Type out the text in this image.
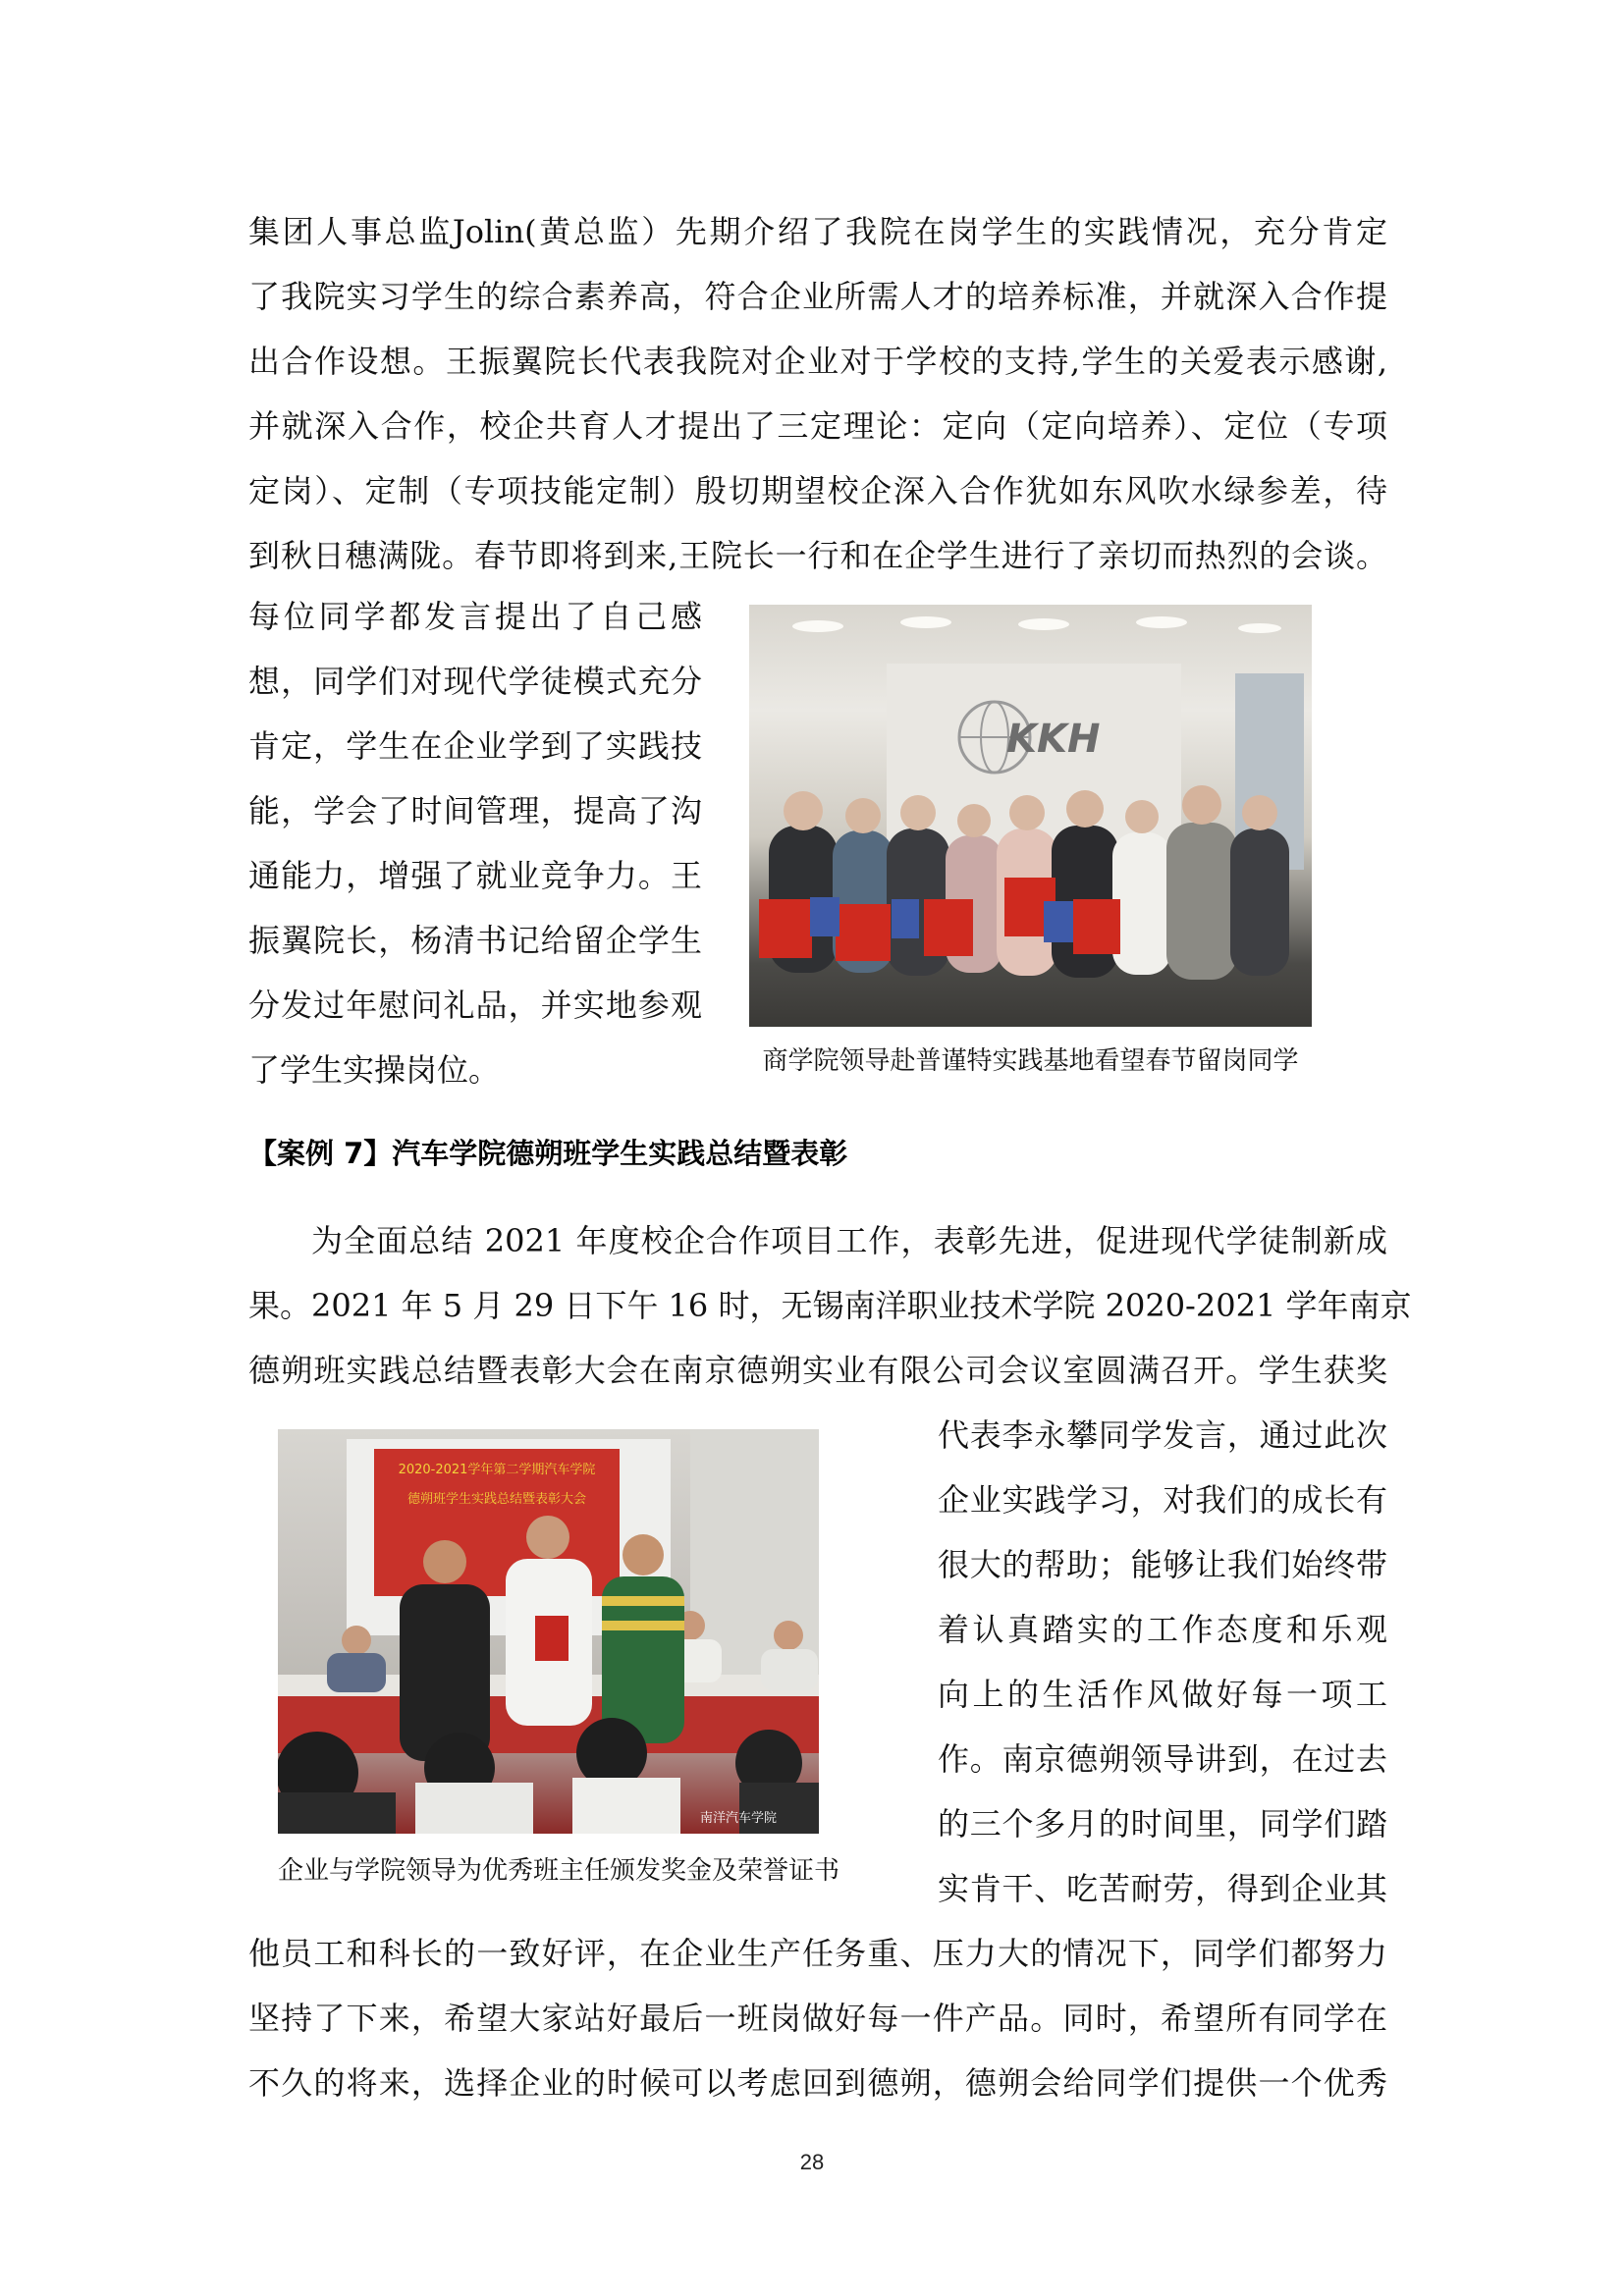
集团人事总监Jolin(黄总监）先期介绍了我院在岗学生的实践情况，充分肯定
了我院实习学生的综合素养高，符合企业所需人才的培养标准，并就深入合作提
出合作设想。王振翼院长代表我院对企业对于学校的支持,学生的关爱表示感谢,
并就深入合作，校企共育人才提出了三定理论：定向（定向培养）、定位（专项
定岗）、定制（专项技能定制）殷切期望校企深入合作犹如东风吹水绿参差，待
到秋日穗满陇。春节即将到来,王院长一行和在企学生进行了亲切而热烈的会谈。
每位同学都发言提出了自己感
想，同学们对现代学徒模式充分
肯定，学生在企业学到了实践技
能，学会了时间管理，提高了沟
通能力，增强了就业竞争力。王
振翼院长，杨清书记给留企学生
分发过年慰问礼品，并实地参观
了学生实操岗位。
KKH
商学院领导赴普谨特实践基地看望春节留岗同学
【案例 7】汽车学院德朔班学生实践总结暨表彰
为全面总结 2021 年度校企合作项目工作，表彰先进，促进现代学徒制新成
果。2021 年 5 月 29 日下午 16 时，无锡南洋职业技术学院 2020-2021 学年南京
德朔班实践总结暨表彰大会在南京德朔实业有限公司会议室圆满召开。学生获奖
2020-2021学年第二学期汽车学院
德朔班学生实践总结暨表彰大会
南洋汽车学院
企业与学院领导为优秀班主任颁发奖金及荣誉证书
代表李永攀同学发言，通过此次
企业实践学习，对我们的成长有
很大的帮助；能够让我们始终带
着认真踏实的工作态度和乐观
向上的生活作风做好每一项工
作。南京德朔领导讲到，在过去
的三个多月的时间里，同学们踏
实肯干、吃苦耐劳，得到企业其
他员工和科长的一致好评，在企业生产任务重、压力大的情况下，同学们都努力
坚持了下来，希望大家站好最后一班岗做好每一件产品。同时，希望所有同学在
不久的将来，选择企业的时候可以考虑回到德朔，德朔会给同学们提供一个优秀
28
